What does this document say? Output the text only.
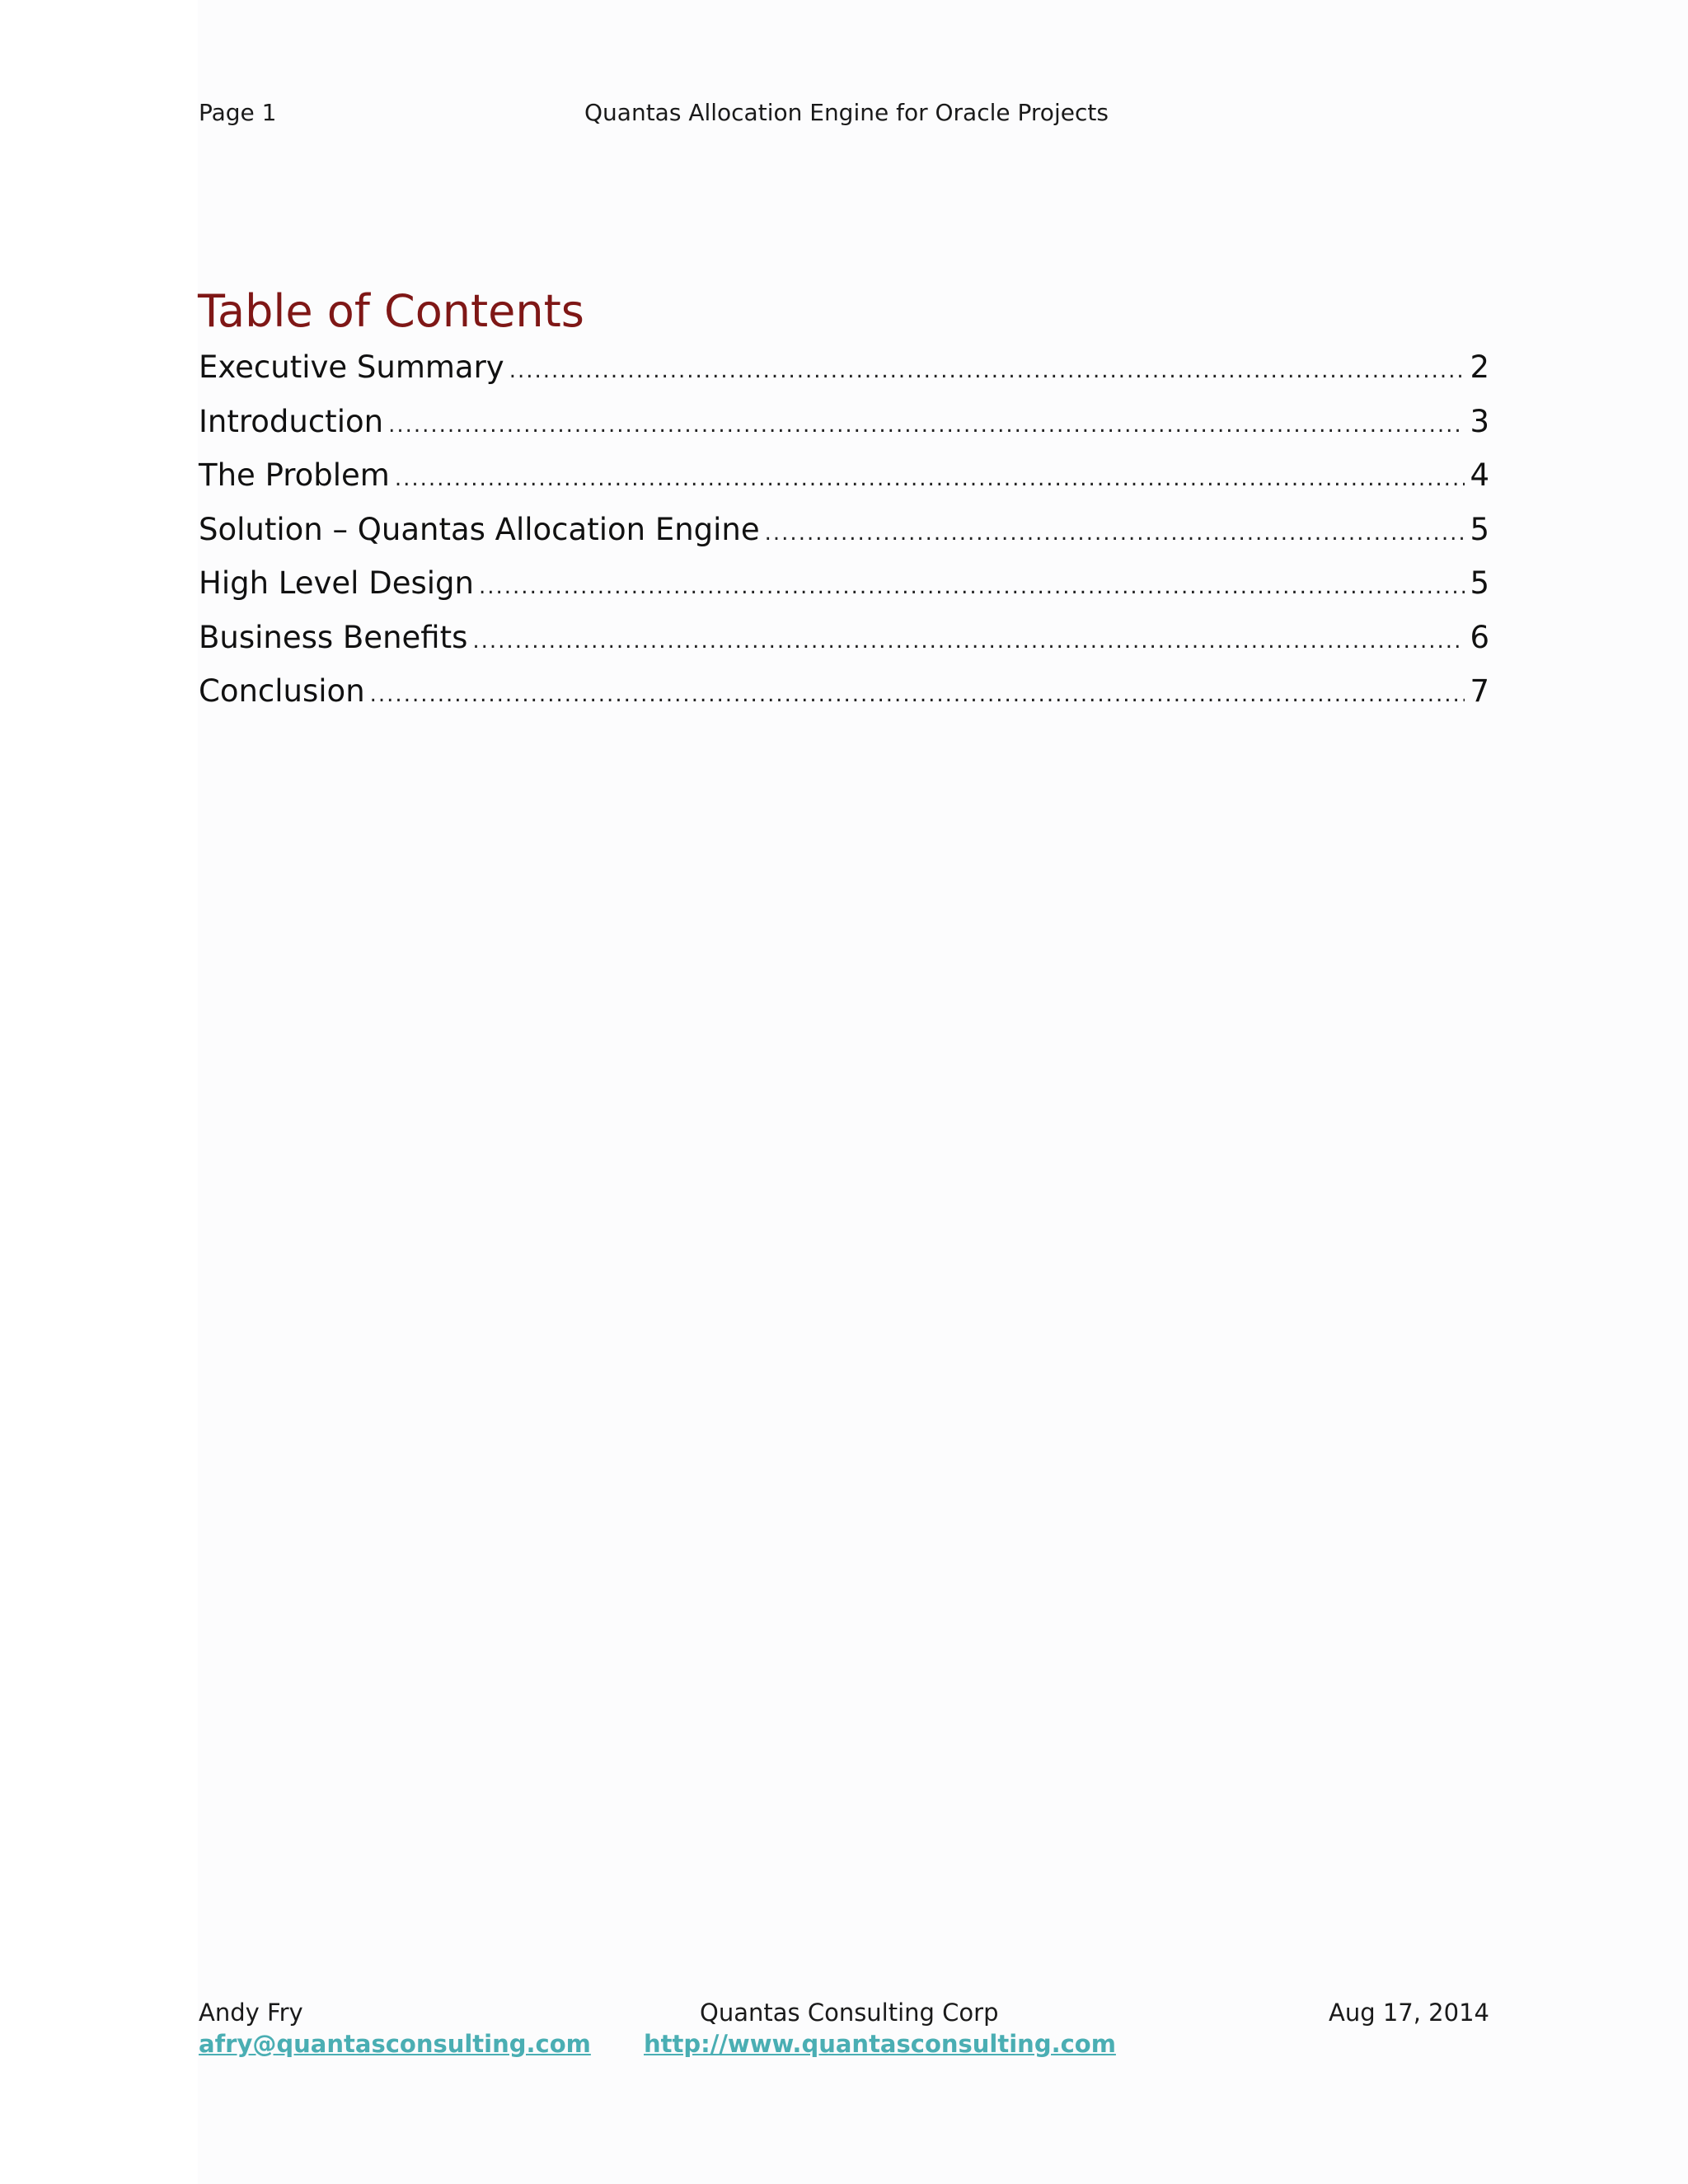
Page 1	Quantas Allocation Engine for Oracle Projects
Table of Contents
Executive Summary .....	2
Introduction .....	3
The Problem .....	4
Solution – Quantas Allocation Engine .....	5
High Level Design .....	5
Business Benefits .....	6
Conclusion .....	7
Andy Fry	Quantas Consulting Corp	Aug 17, 2014
afry@quantasconsulting.com http://www.quantasconsulting.com
